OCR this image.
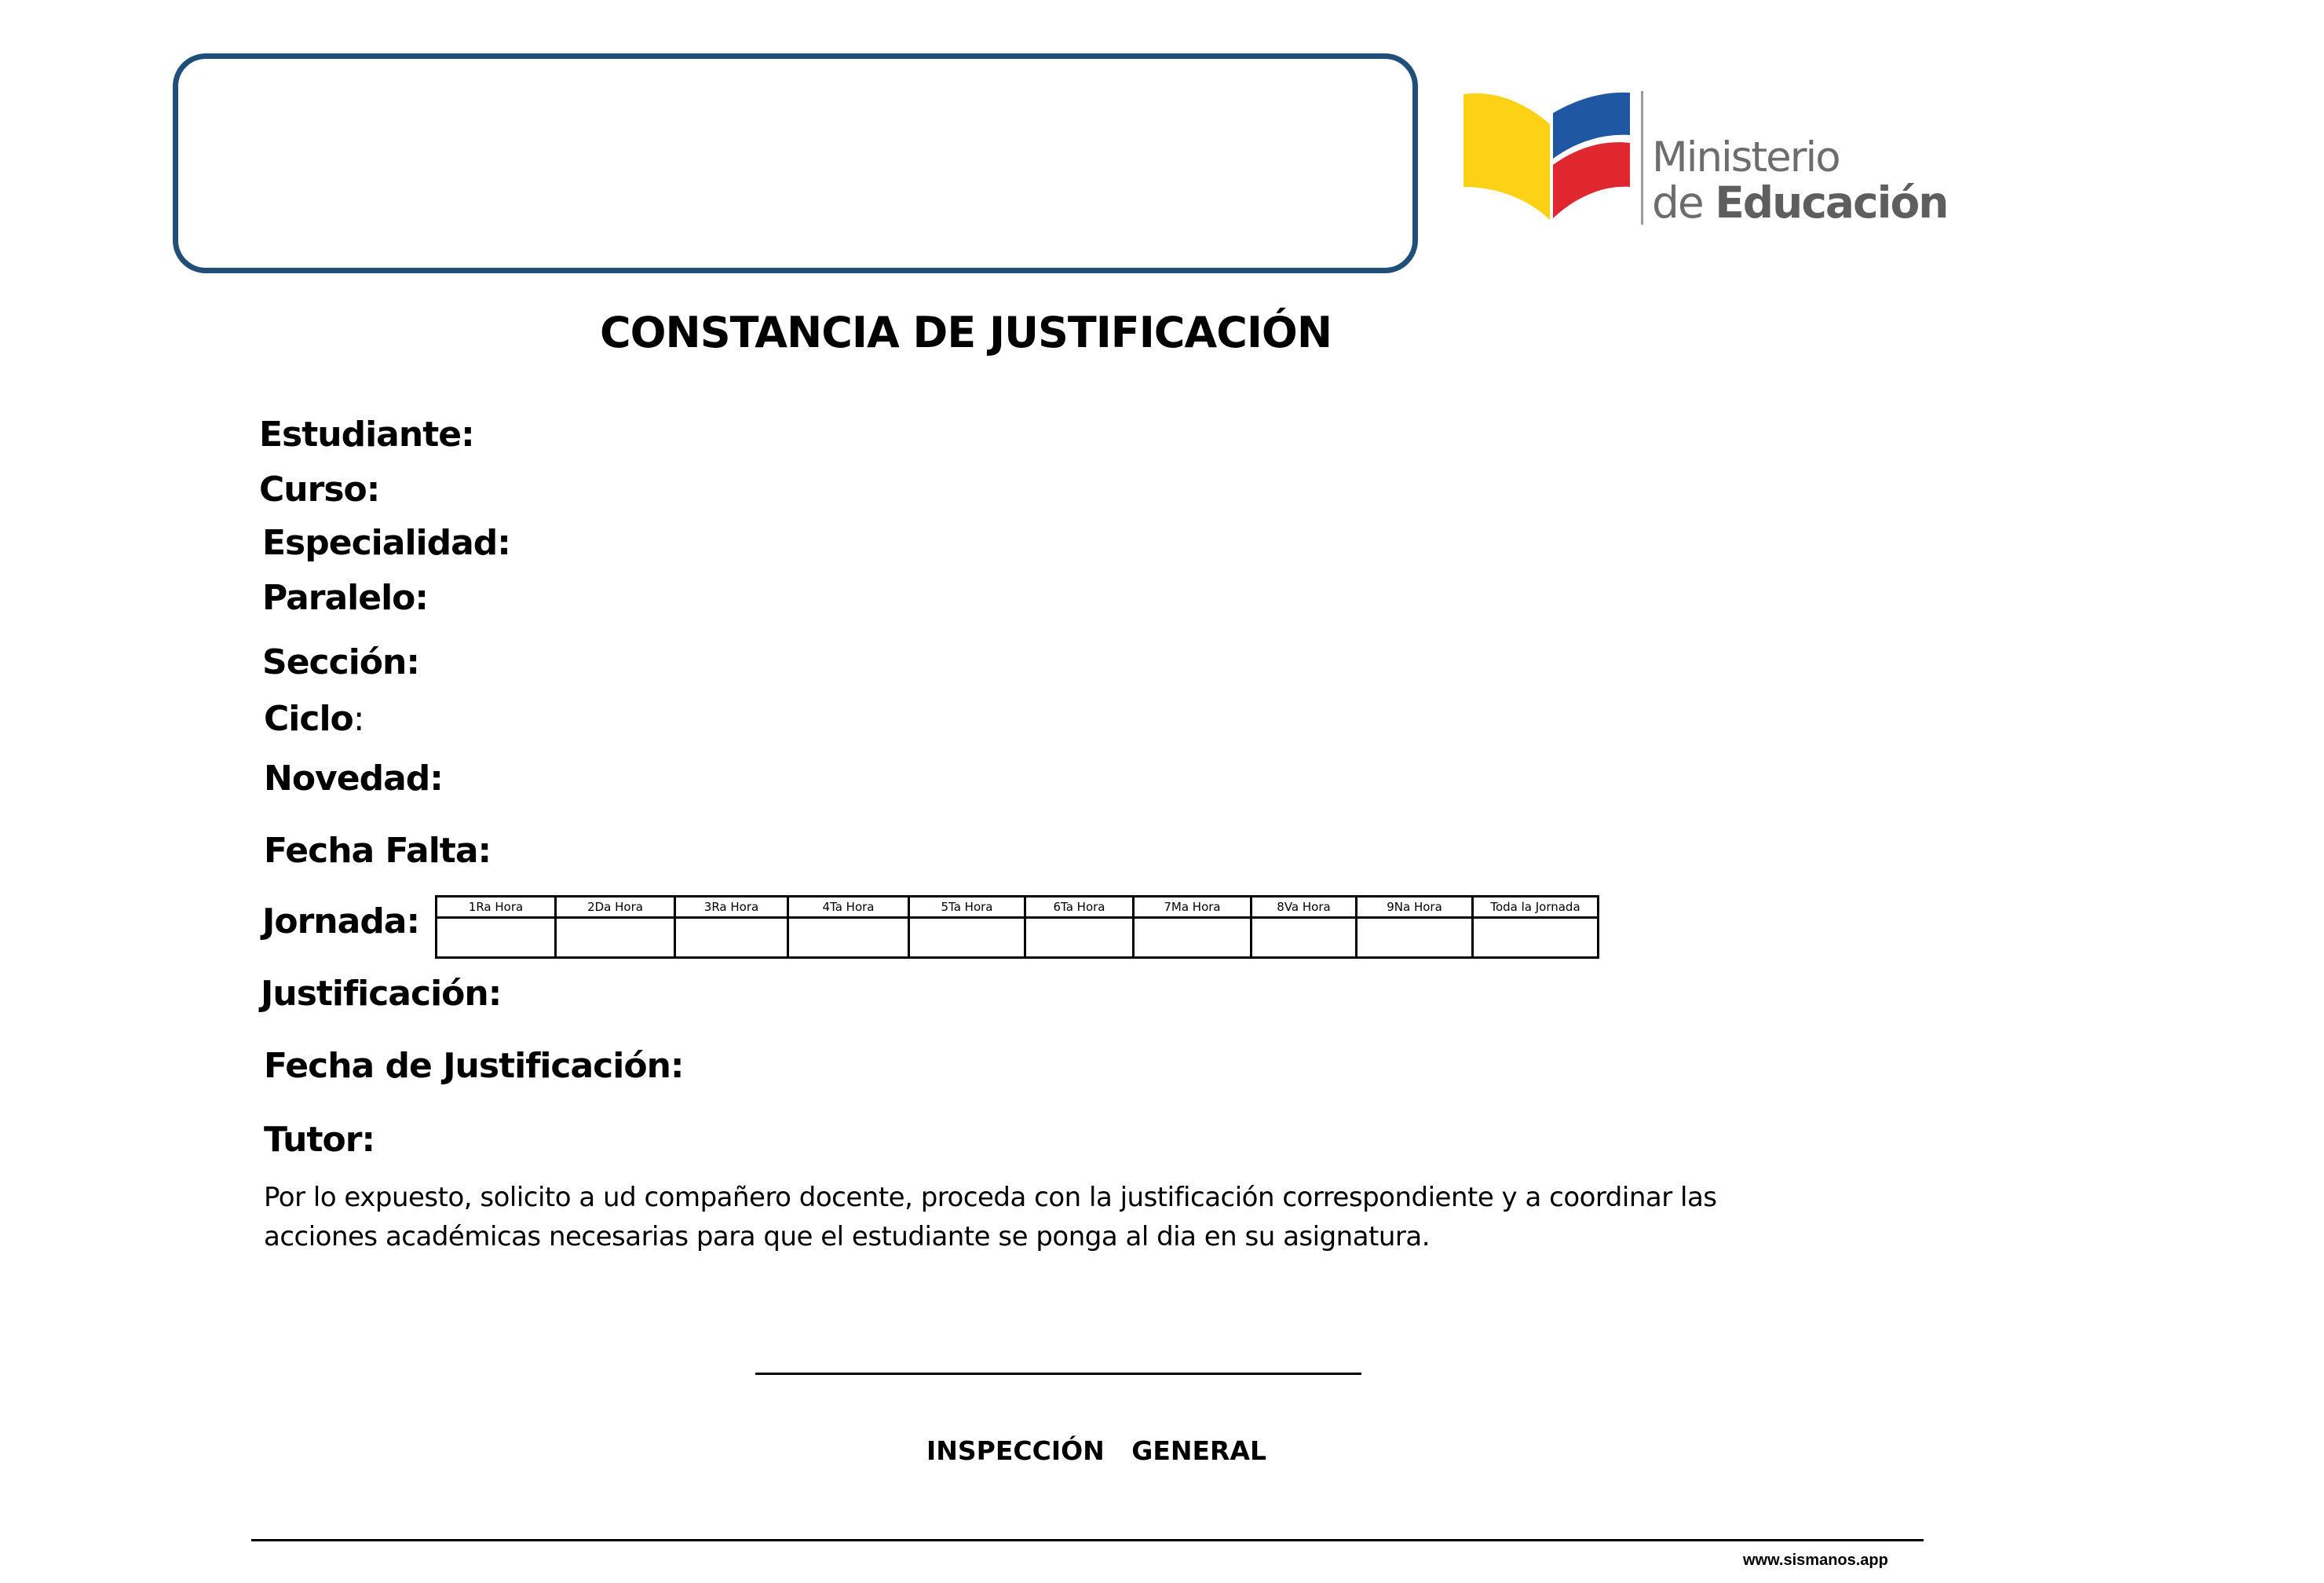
Ministerio
de Educación
CONSTANCIA DE JUSTIFICACIÓN
Estudiante:
Curso:
Especialidad:
Paralelo:
Sección:
Ciclo:
Novedad:
Fecha Falta:
Jornada:	1Ra Hora	2Da Hora	3Ra Hora	4Ta Hora	5Ta Hora	6Ta Hora	7Ma Hora	8Va Hora	9Na Hora	Toda la Jornada

Justificación:
Fecha de Justificación:
Tutor:
Por lo expuesto, solicito a ud compañero docente, proceda con la justificación correspondiente y a coordinar las
acciones académicas necesarias para que el estudiante se ponga al dia en su asignatura.
INSPECCIÓN   GENERAL
www.sismanos.app
